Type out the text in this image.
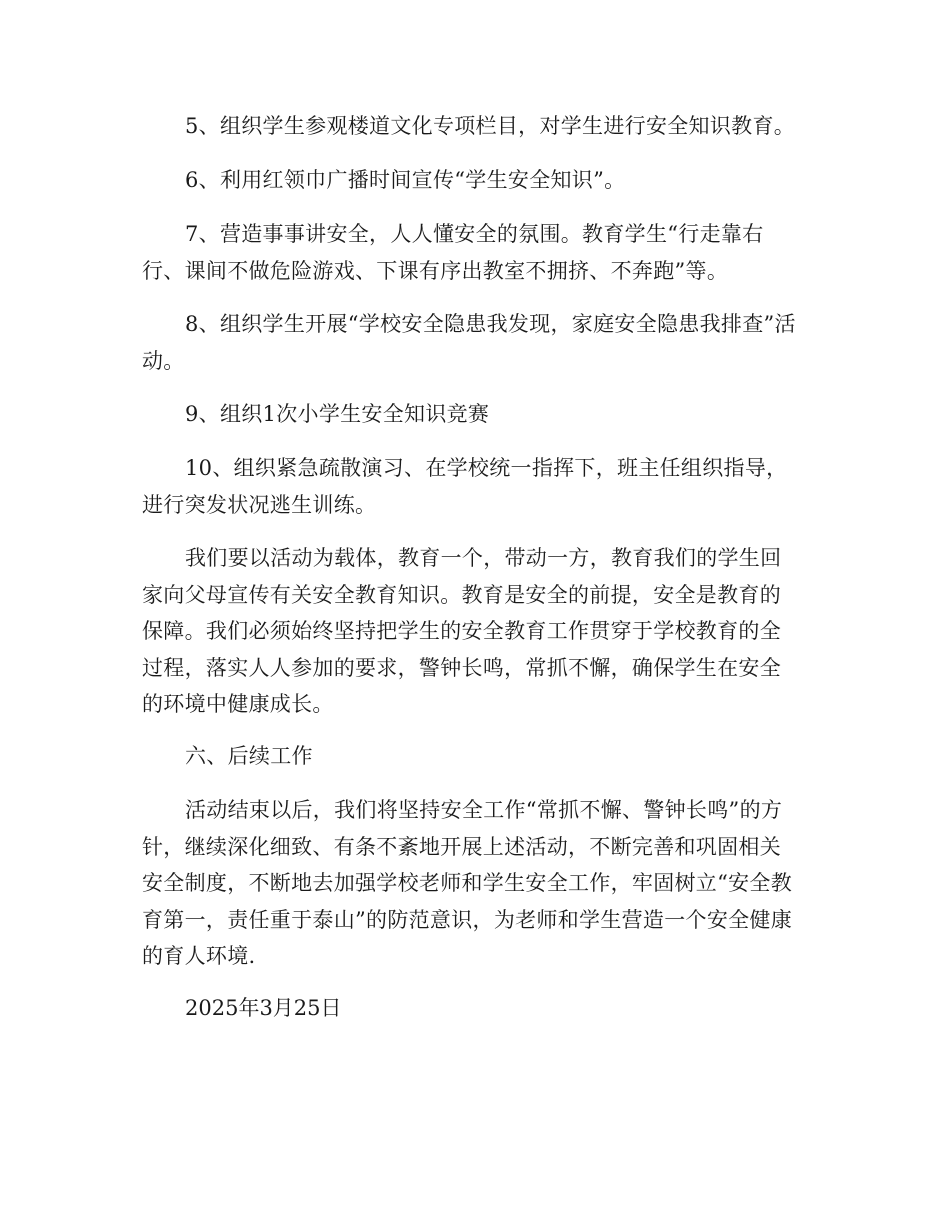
5、组织学生参观楼道文化专项栏目，对学生进行安全知识教育。

6、利用红领巾广播时间宣传“学生安全知识”。

7、营造事事讲安全，人人懂安全的氛围。教育学生“行走靠右行、课间不做危险游戏、下课有序出教室不拥挤、不奔跑”等。

8、组织学生开展“学校安全隐患我发现，家庭安全隐患我排查”活动。

9、组织1次小学生安全知识竞赛

10、组织紧急疏散演习、在学校统一指挥下，班主任组织指导，进行突发状况逃生训练。

我们要以活动为载体，教育一个，带动一方，教育我们的学生回家向父母宣传有关安全教育知识。教育是安全的前提，安全是教育的保障。我们必须始终坚持把学生的安全教育工作贯穿于学校教育的全过程，落实人人参加的要求，警钟长鸣，常抓不懈，确保学生在安全的环境中健康成长。

六、后续工作

活动结束以后，我们将坚持安全工作“常抓不懈、警钟长鸣”的方针，继续深化细致、有条不紊地开展上述活动，不断完善和巩固相关安全制度，不断地去加强学校老师和学生安全工作，牢固树立“安全教育第一，责任重于泰山”的防范意识，为老师和学生营造一个安全健康的育人环境.

2025年3月25日
